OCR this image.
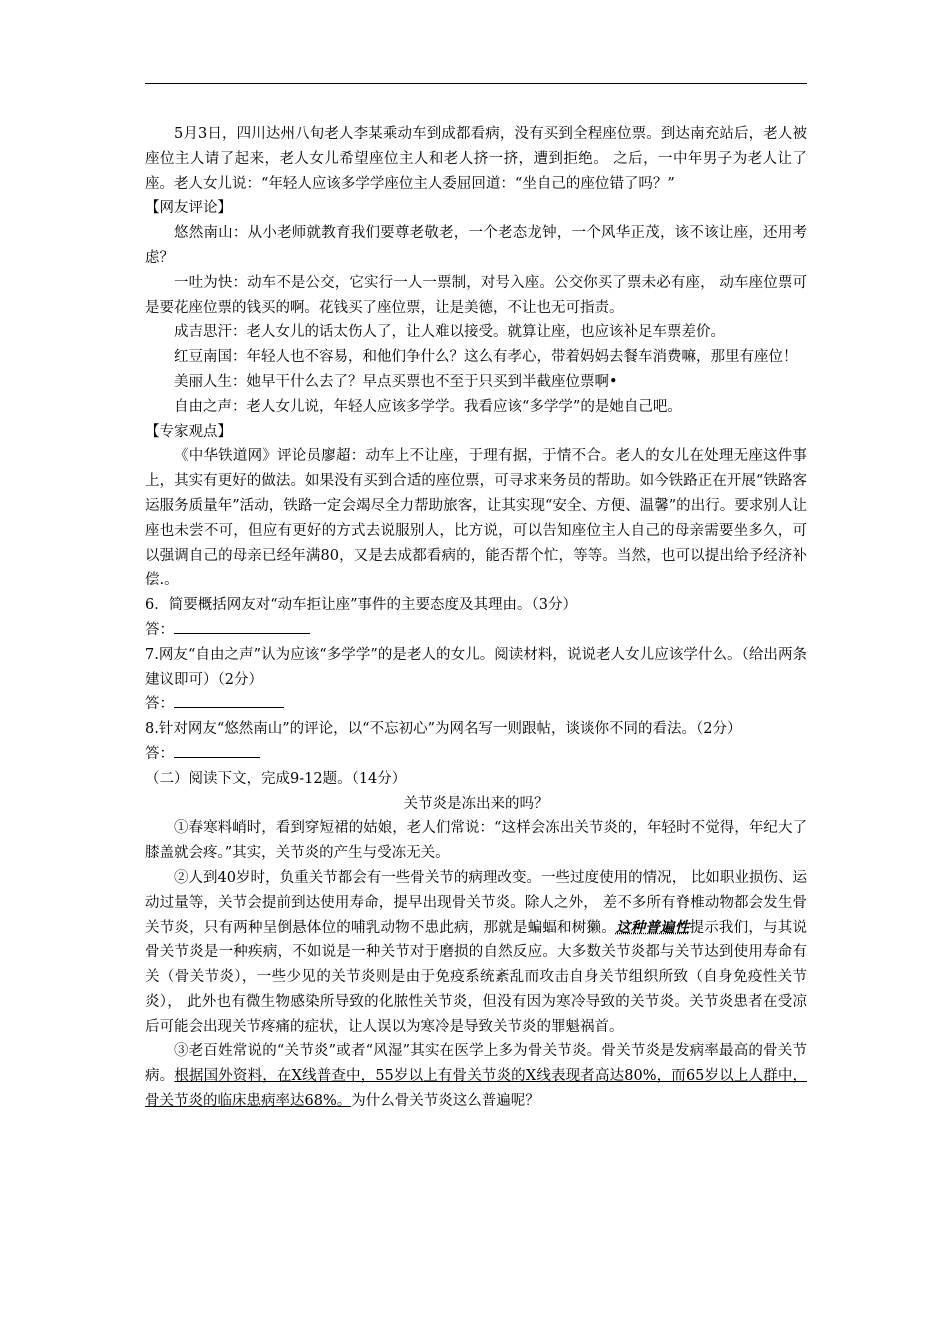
5月3日，四川达州八旬老人李某乘动车到成都看病，没有买到全程座位票。到达南充站后，老人被座位主人请了起来，老人女儿希望座位主人和老人挤一挤，遭到拒绝。 之后，一中年男子为老人让了座。老人女儿说：“年轻人应该多学学座位主人委屈回道：“坐自己的座位错了吗？”

【网友评论】

悠然南山：从小老师就教育我们要尊老敬老，一个老态龙钟，一个风华正茂，该不该让座，还用考虑？

一吐为快：动车不是公交，它实行一人一票制，对号入座。公交你买了票未必有座， 动车座位票可是要花座位票的钱买的啊。花钱买了座位票，让是美德，不让也无可指责。

成吉思汗：老人女儿的话太伤人了，让人难以接受。就算让座，也应该补足车票差价。

红豆南国：年轻人也不容易，和他们争什么？这么有孝心，带着妈妈去餐车消费嘛，那里有座位！

美丽人生：她早干什么去了？早点买票也不至于只买到半截座位票啊•

自由之声：老人女儿说，年轻人应该多学学。我看应该“多学学”的是她自己吧。

【专家观点】

《中华铁道网》评论员廖超：动车上不让座，于理有据，于情不合。老人的女儿在处理无座这件事上，其实有更好的做法。如果没有买到合适的座位票，可寻求来务员的帮助。如今铁路正在开展“铁路客运服务质量年”活动，铁路一定会竭尽全力帮助旅客，让其实现“安全、方便、温馨”的出行。要求别人让座也未尝不可，但应有更好的方式去说服别人，比方说，可以告知座位主人自己的母亲需要坐多久，可以强调自己的母亲已经年满80，又是去成都看病的，能否帮个忙，等等。当然，也可以提出给予经济补偿.。

6．简要概括网友对“动车拒让座”事件的主要态度及其理由。（3分）

答：

7.网友“自由之声”认为应该“多学学”的是老人的女儿。阅读材料，说说老人女儿应该学什么。（给出两条建议即可）（2分）

答：

8.针对网友“悠然南山”的评论，以“不忘初心”为网名写一则跟帖，谈谈你不同的看法。（2分）

答：

（二）阅读下文，完成9-12题。（14分）

关节炎是冻出来的吗？

①春寒料峭时，看到穿短裙的姑娘，老人们常说：“这样会冻出关节炎的，年轻时不觉得，年纪大了膝盖就会疼。”其实，关节炎的产生与受冻无关。

②人到40岁时，负重关节都会有一些骨关节的病理改变。一些过度使用的情况， 比如职业损伤、运动过量等，关节会提前到达使用寿命，提早出现骨关节炎。除人之外， 差不多所有脊椎动物都会发生骨关节炎，只有两种呈倒悬体位的哺乳动物不患此病，那就是蝙蝠和树獭。这种普遍性提示我们，与其说骨关节炎是一种疾病，不如说是一种关节对于磨损的自然反应。大多数关节炎都与关节达到使用寿命有关（骨关节炎），一些少见的关节炎则是由于免疫系统紊乱而攻击自身关节组织所致（自身免疫性关节炎）， 此外也有微生物感染所导致的化脓性关节炎，但没有因为寒冷导致的关节炎。关节炎患者在受凉后可能会出现关节疼痛的症状，让人误以为寒冷是导致关节炎的罪魁祸首。

③老百姓常说的“关节炎”或者“风湿”其实在医学上多为骨关节炎。骨关节炎是发病率最高的骨关节病。根据国外资料，在X线普查中，55岁以上有骨关节炎的X线表现者高达80%，而65岁以上人群中，骨关节炎的临床患病率达68%。为什么骨关节炎这么普遍呢？
